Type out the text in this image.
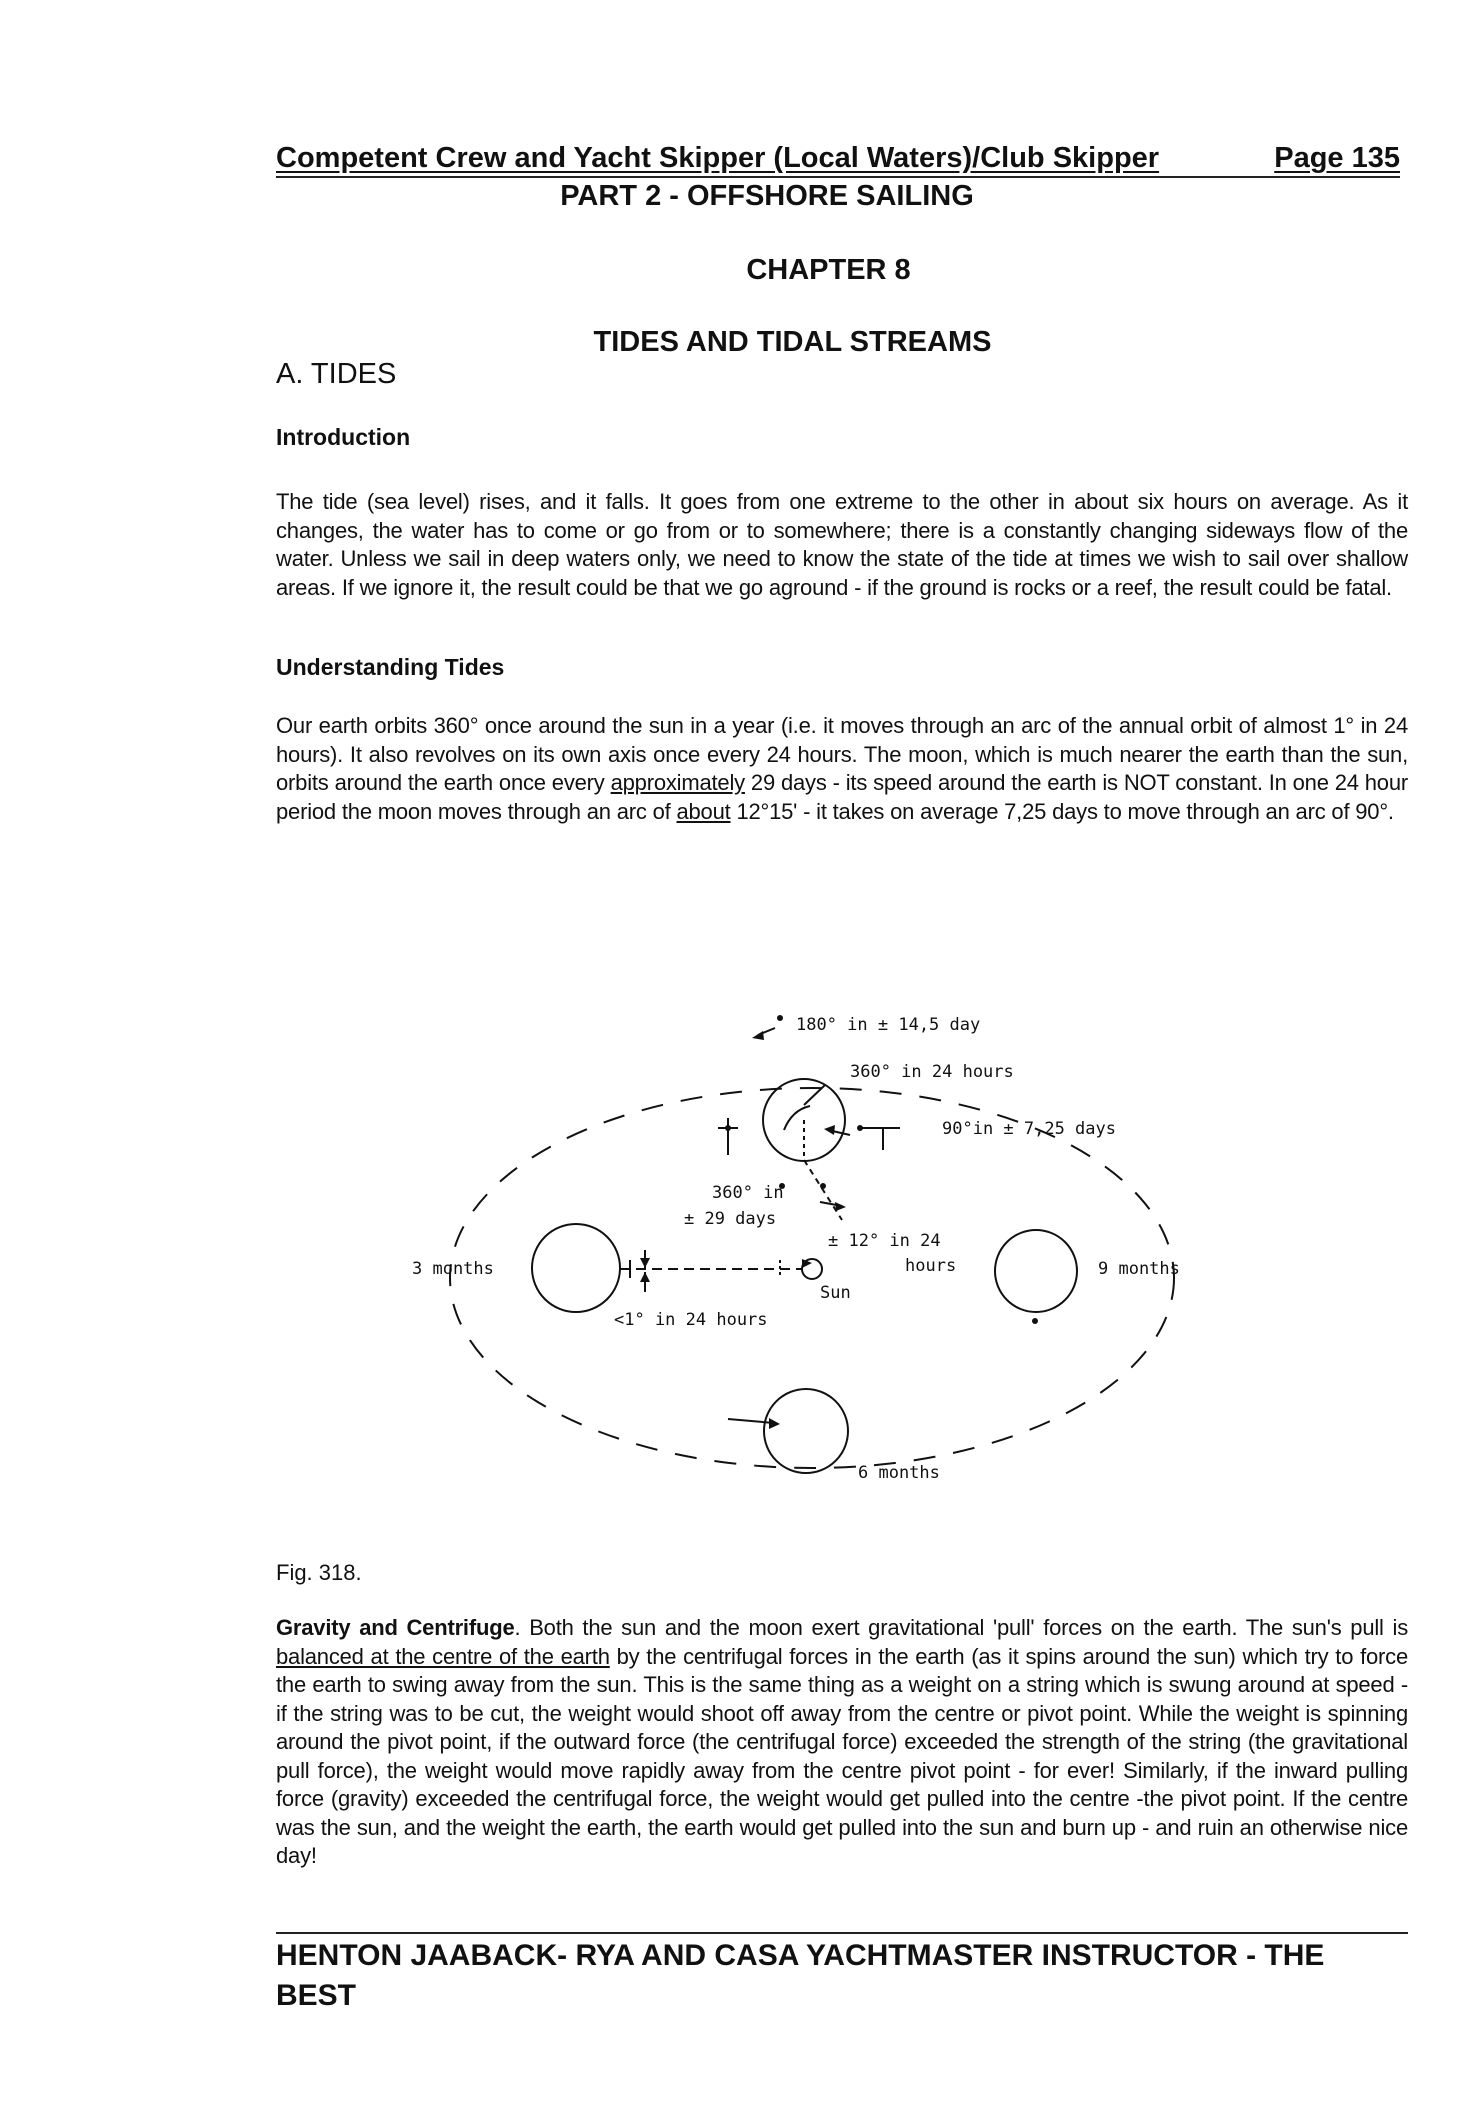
Competent Crew and Yacht Skipper (Local Waters)/Club Skipper	Page 135
PART 2 - OFFSHORE SAILING
CHAPTER 8
TIDES AND TIDAL STREAMS
A. TIDES
Introduction
The tide (sea level) rises, and it falls. It goes from one extreme to the other in about six hours on average. As it changes, the water has to come or go from or to somewhere; there is a constantly changing sideways flow of the water. Unless we sail in deep waters only, we need to know the state of the tide at times we wish to sail over shallow areas. If we ignore it, the result could be that we go aground - if the ground is rocks or a reef, the result could be fatal.
Understanding Tides
Our earth orbits 360° once around the sun in a year (i.e. it moves through an arc of the annual orbit of almost 1° in 24 hours). It also revolves on its own axis once every 24 hours. The moon, which is much nearer the earth than the sun, orbits around the earth once every approximately 29 days - its speed around the earth is NOT constant. In one 24 hour period the moon moves through an arc of about 12°15' - it takes on average 7,25 days to move through an arc of 90°.
180° in ± 14,5 day
360° in 24 hours
90°in ± 7,25 days
360° in
± 29 days
± 12° in 24
hours
Sun
<1° in 24 hours
3 months	9 months
6 months
Fig. 318.
Gravity and Centrifuge. Both the sun and the moon exert gravitational 'pull' forces on the earth. The sun's pull is balanced at the centre of the earth by the centrifugal forces in the earth (as it spins around the sun) which try to force the earth to swing away from the sun. This is the same thing as a weight on a string which is swung around at speed - if the string was to be cut, the weight would shoot off away from the centre or pivot point. While the weight is spinning around the pivot point, if the outward force (the centrifugal force) exceeded the strength of the string (the gravitational pull force), the weight would move rapidly away from the centre pivot point - for ever! Similarly, if the inward pulling force (gravity) exceeded the centrifugal force, the weight would get pulled into the centre -the pivot point. If the centre was the sun, and the weight the earth, the earth would get pulled into the sun and burn up - and ruin an otherwise nice day!
HENTON JAABACK- RYA AND CASA YACHTMASTER INSTRUCTOR - THE BEST
